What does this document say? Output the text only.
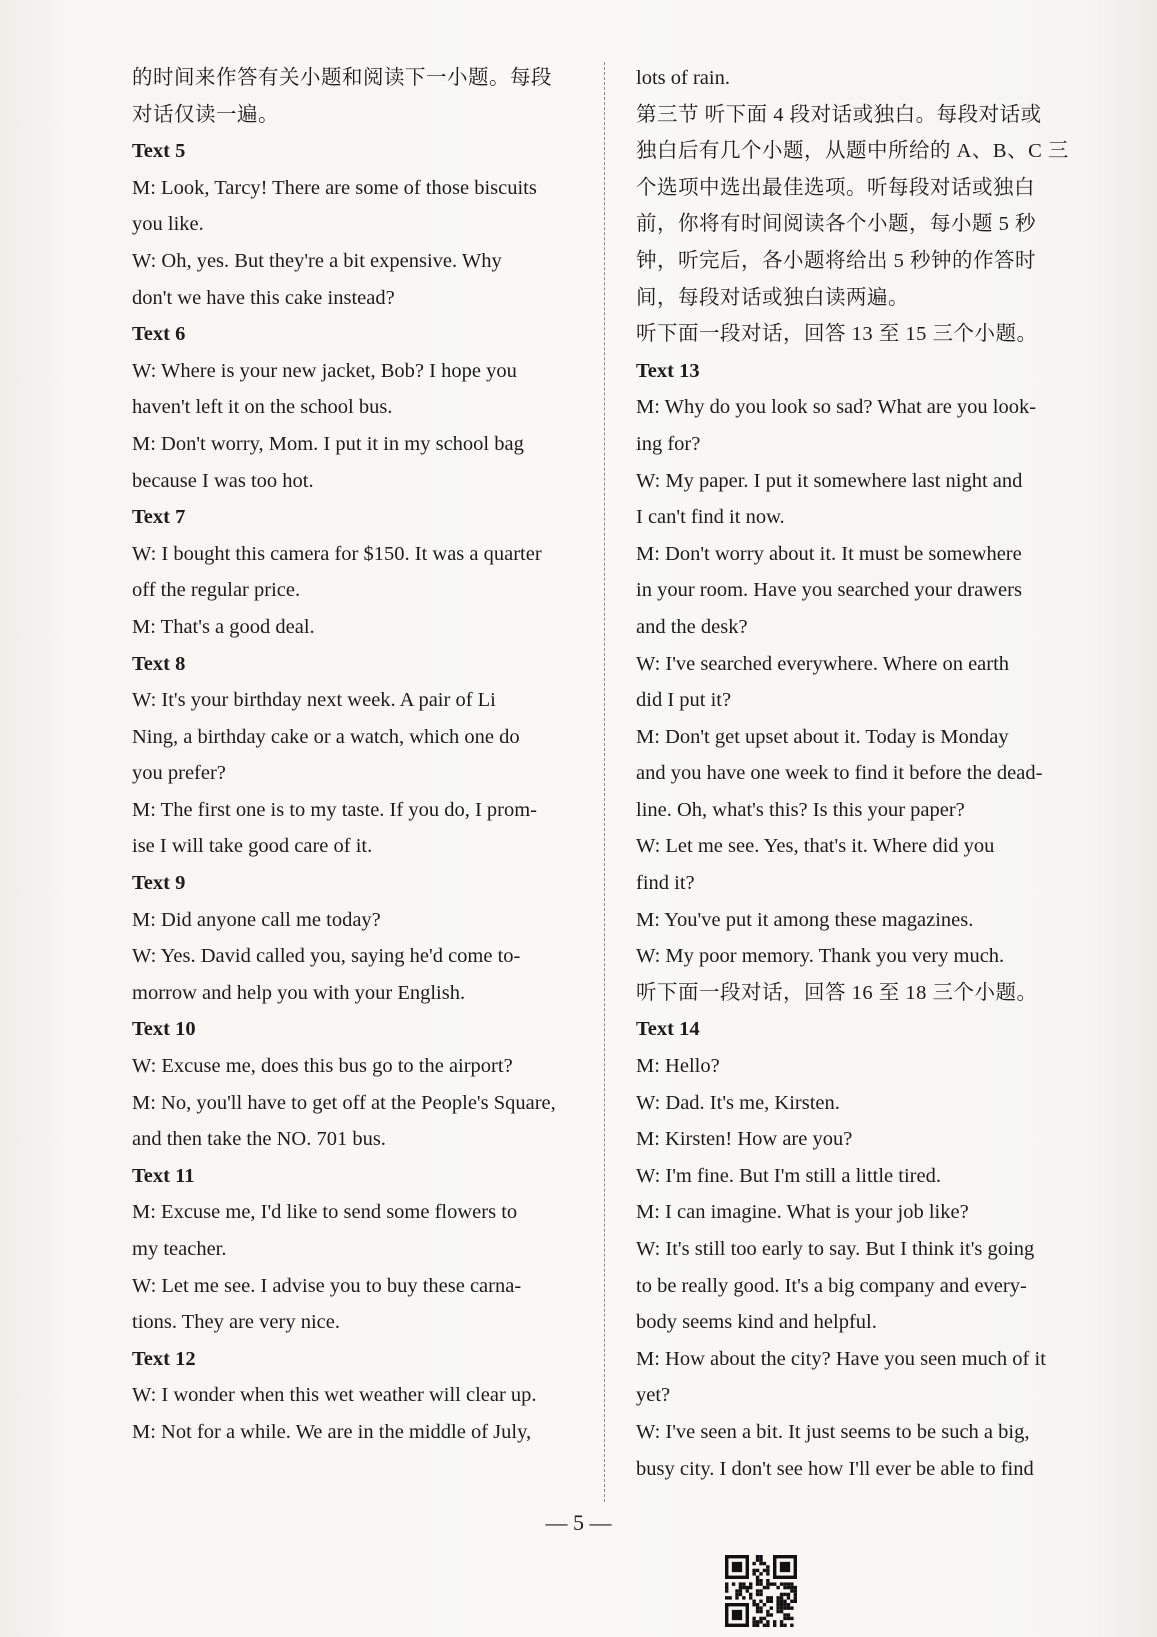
的时间来作答有关小题和阅读下一小题。每段
对话仅读一遍。
Text 5
M: Look, Tarcy! There are some of those biscuits
you like.
W: Oh, yes. But they're a bit expensive. Why
don't we have this cake instead?
Text 6
W: Where is your new jacket, Bob? I hope you
haven't left it on the school bus.
M: Don't worry, Mom. I put it in my school bag
because I was too hot.
Text 7
W: I bought this camera for $150. It was a quarter
off the regular price.
M: That's a good deal.
Text 8
W: It's your birthday next week. A pair of Li
Ning, a birthday cake or a watch, which one do
you prefer?
M: The first one is to my taste. If you do, I prom-
ise I will take good care of it.
Text 9
M: Did anyone call me today?
W: Yes. David called you, saying he'd come to-
morrow and help you with your English.
Text 10
W: Excuse me, does this bus go to the airport?
M: No, you'll have to get off at the People's Square,
and then take the NO. 701 bus.
Text 11
M: Excuse me, I'd like to send some flowers to
my teacher.
W: Let me see. I advise you to buy these carna-
tions. They are very nice.
Text 12
W: I wonder when this wet weather will clear up.
M: Not for a while. We are in the middle of July,
lots of rain.
第三节 听下面 4 段对话或独白。每段对话或
独白后有几个小题，从题中所给的 A、B、C 三
个选项中选出最佳选项。听每段对话或独白
前，你将有时间阅读各个小题，每小题 5 秒
钟，听完后，各小题将给出 5 秒钟的作答时
间，每段对话或独白读两遍。
听下面一段对话，回答 13 至 15 三个小题。
Text 13
M: Why do you look so sad? What are you look-
ing for?
W: My paper. I put it somewhere last night and
I can't find it now.
M: Don't worry about it. It must be somewhere
in your room. Have you searched your drawers
and the desk?
W: I've searched everywhere. Where on earth
did I put it?
M: Don't get upset about it. Today is Monday
and you have one week to find it before the dead-
line. Oh, what's this? Is this your paper?
W: Let me see. Yes, that's it. Where did you
find it?
M: You've put it among these magazines.
W: My poor memory. Thank you very much.
听下面一段对话，回答 16 至 18 三个小题。
Text 14
M: Hello?
W: Dad. It's me, Kirsten.
M: Kirsten! How are you?
W: I'm fine. But I'm still a little tired.
M: I can imagine. What is your job like?
W: It's still too early to say. But I think it's going
to be really good. It's a big company and every-
body seems kind and helpful.
M: How about the city? Have you seen much of it
yet?
W: I've seen a bit. It just seems to be such a big,
busy city. I don't see how I'll ever be able to find
— 5 —
